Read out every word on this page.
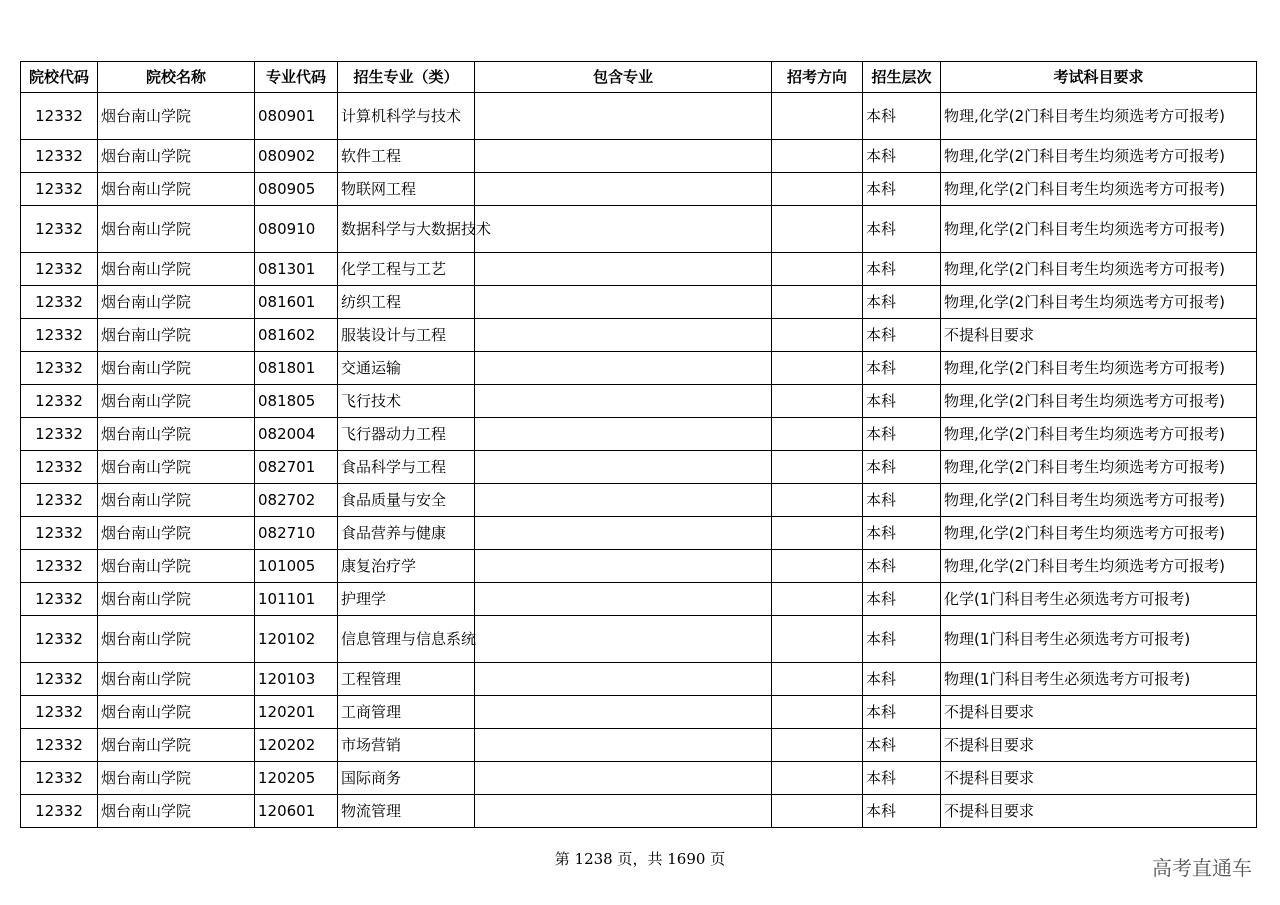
院校代码	院校名称	专业代码	招生专业（类）	包含专业	招考方向	招生层次	考试科目要求
12332	烟台南山学院	080901	计算机科学与技术			本科	物理,化学(2门科目考生均须选考方可报考)
12332	烟台南山学院	080902	软件工程			本科	物理,化学(2门科目考生均须选考方可报考)
12332	烟台南山学院	080905	物联网工程			本科	物理,化学(2门科目考生均须选考方可报考)
12332	烟台南山学院	080910	数据科学与大数据技术			本科	物理,化学(2门科目考生均须选考方可报考)
12332	烟台南山学院	081301	化学工程与工艺			本科	物理,化学(2门科目考生均须选考方可报考)
12332	烟台南山学院	081601	纺织工程			本科	物理,化学(2门科目考生均须选考方可报考)
12332	烟台南山学院	081602	服装设计与工程			本科	不提科目要求
12332	烟台南山学院	081801	交通运输			本科	物理,化学(2门科目考生均须选考方可报考)
12332	烟台南山学院	081805	飞行技术			本科	物理,化学(2门科目考生均须选考方可报考)
12332	烟台南山学院	082004	飞行器动力工程			本科	物理,化学(2门科目考生均须选考方可报考)
12332	烟台南山学院	082701	食品科学与工程			本科	物理,化学(2门科目考生均须选考方可报考)
12332	烟台南山学院	082702	食品质量与安全			本科	物理,化学(2门科目考生均须选考方可报考)
12332	烟台南山学院	082710	食品营养与健康			本科	物理,化学(2门科目考生均须选考方可报考)
12332	烟台南山学院	101005	康复治疗学			本科	物理,化学(2门科目考生均须选考方可报考)
12332	烟台南山学院	101101	护理学			本科	化学(1门科目考生必须选考方可报考)
12332	烟台南山学院	120102	信息管理与信息系统			本科	物理(1门科目考生必须选考方可报考)
12332	烟台南山学院	120103	工程管理			本科	物理(1门科目考生必须选考方可报考)
12332	烟台南山学院	120201	工商管理			本科	不提科目要求
12332	烟台南山学院	120202	市场营销			本科	不提科目要求
12332	烟台南山学院	120205	国际商务			本科	不提科目要求
12332	烟台南山学院	120601	物流管理			本科	不提科目要求
第 1238 页，共 1690 页	高考直通车
